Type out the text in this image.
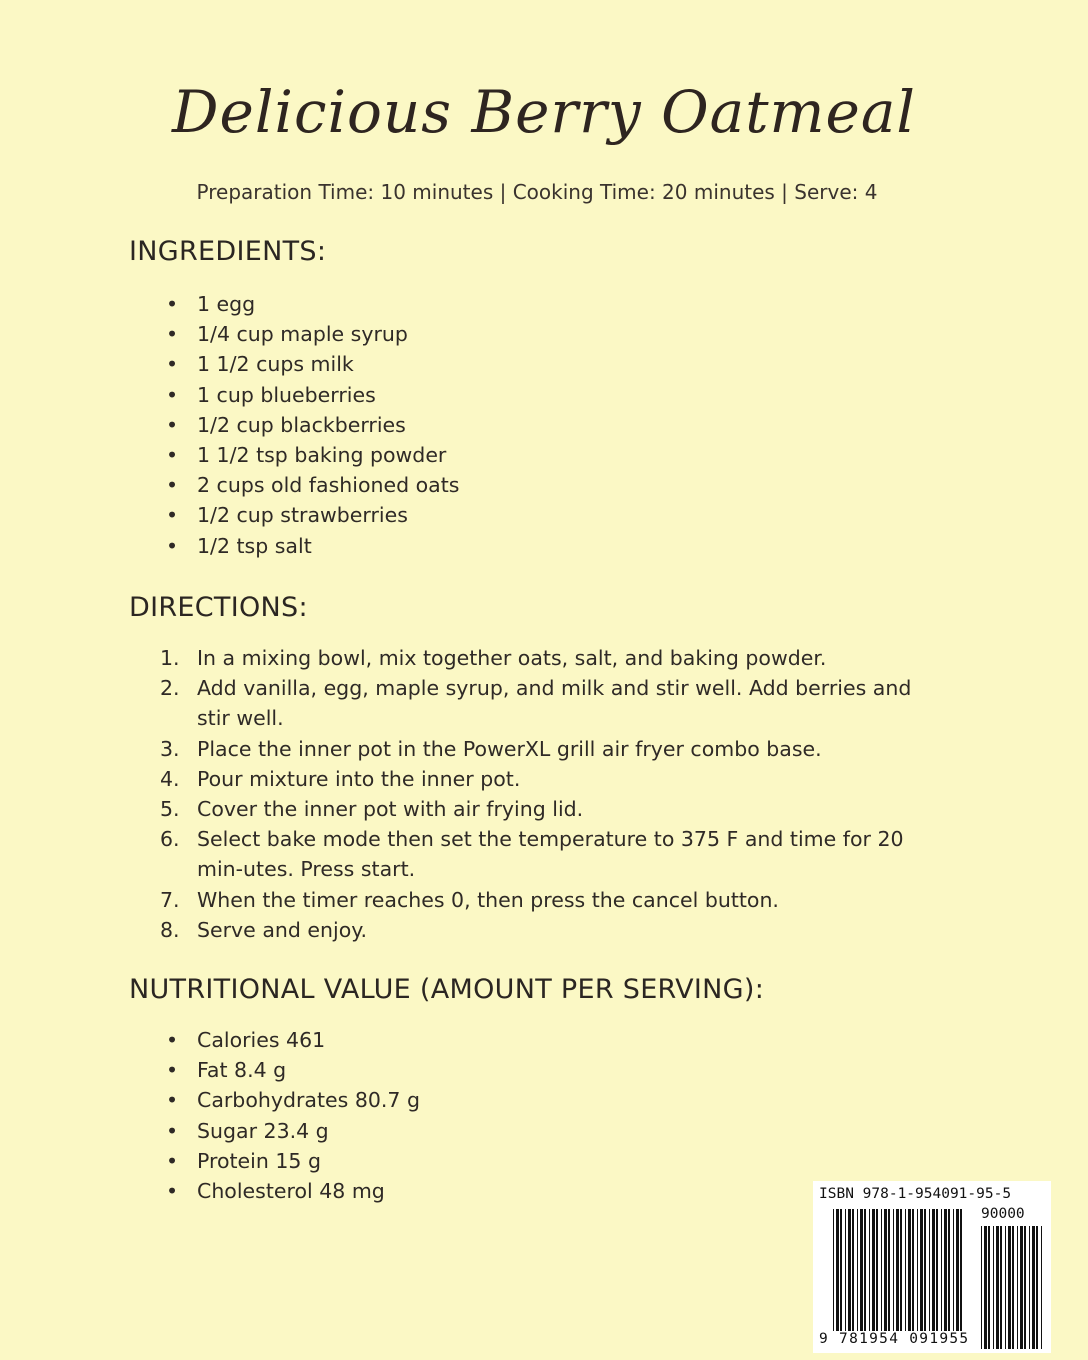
Delicious Berry Oatmeal
Preparation Time: 10 minutes | Cooking Time: 20 minutes | Serve: 4
INGREDIENTS:
• 1 egg
• 1/4 cup maple syrup
• 1 1/2 cups milk
• 1 cup blueberries
• 1/2 cup blackberries
• 1 1/2 tsp baking powder
• 2 cups old fashioned oats
• 1/2 cup strawberries
• 1/2 tsp salt
DIRECTIONS:
1. In a mixing bowl, mix together oats, salt, and baking powder.
2. Add vanilla, egg, maple syrup, and milk and stir well. Add berries and stir well.
3. Place the inner pot in the PowerXL grill air fryer combo base.
4. Pour mixture into the inner pot.
5. Cover the inner pot with air frying lid.
6. Select bake mode then set the temperature to 375 F and time for 20 min-utes. Press start.
7. When the timer reaches 0, then press the cancel button.
8. Serve and enjoy.
NUTRITIONAL VALUE (AMOUNT PER SERVING):
• Calories 461
• Fat 8.4 g
• Carbohydrates 80.7 g
• Sugar 23.4 g
• Protein 15 g
• Cholesterol 48 mg	ISBN 978-1-954091-95-5
90000
9 781954 091955
